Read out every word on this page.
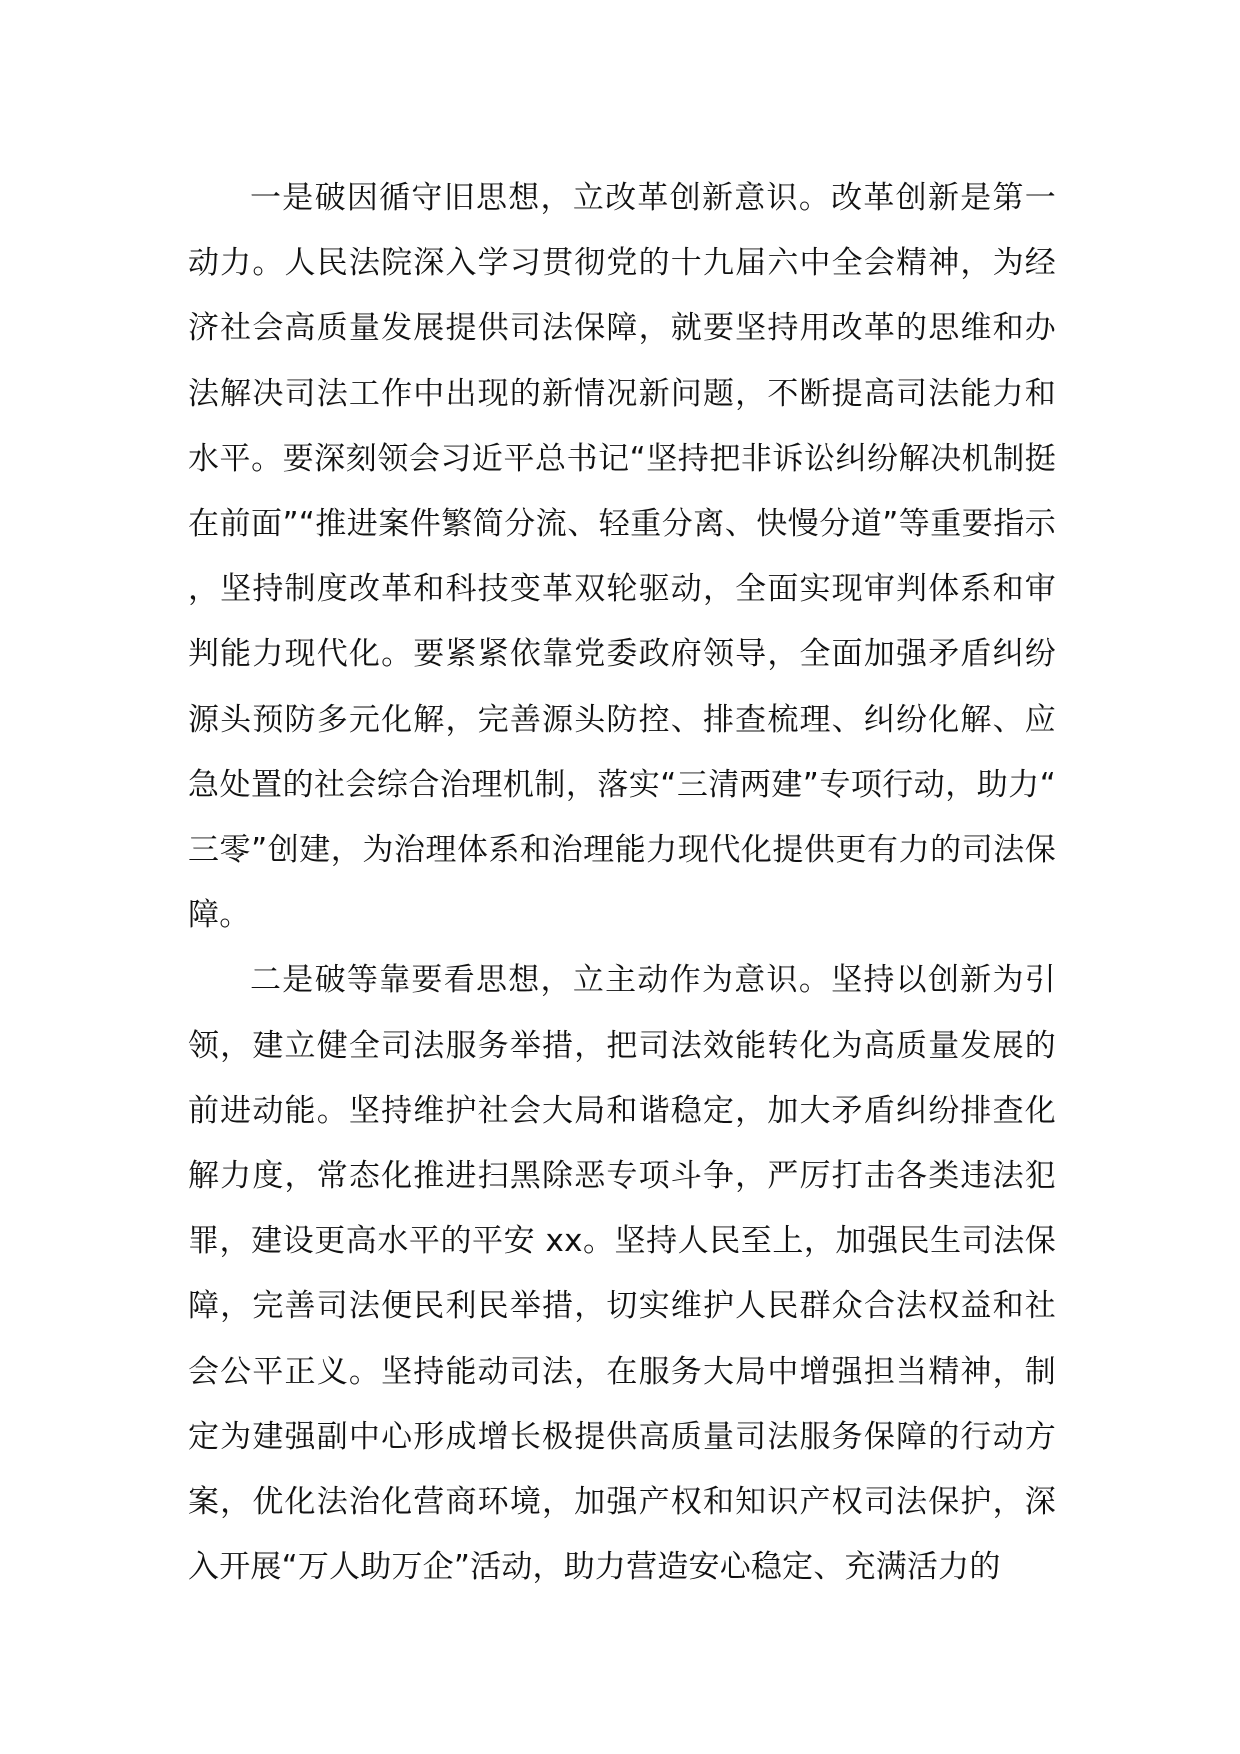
一是破因循守旧思想，立改革创新意识。改革创新是第一动力。人民法院深入学习贯彻党的十九届六中全会精神，为经济社会高质量发展提供司法保障，就要坚持用改革的思维和办法解决司法工作中出现的新情况新问题，不断提高司法能力和水平。要深刻领会习近平总书记“坚持把非诉讼纠纷解决机制挺在前面”“推进案件繁简分流、轻重分离、快慢分道”等重要指示，坚持制度改革和科技变革双轮驱动，全面实现审判体系和审判能力现代化。要紧紧依靠党委政府领导，全面加强矛盾纠纷源头预防多元化解，完善源头防控、排查梳理、纠纷化解、应急处置的社会综合治理机制，落实“三清两建”专项行动，助力“三零”创建，为治理体系和治理能力现代化提供更有力的司法保障。

二是破等靠要看思想，立主动作为意识。坚持以创新为引领，建立健全司法服务举措，把司法效能转化为高质量发展的前进动能。坚持维护社会大局和谐稳定，加大矛盾纠纷排查化解力度，常态化推进扫黑除恶专项斗争，严厉打击各类违法犯罪，建设更高水平的平安 xx。坚持人民至上，加强民生司法保障，完善司法便民利民举措，切实维护人民群众合法权益和社会公平正义。坚持能动司法，在服务大局中增强担当精神，制定为建强副中心形成增长极提供高质量司法服务保障的行动方案，优化法治化营商环境，加强产权和知识产权司法保护，深入开展“万人助万企”活动，助力营造安心稳定、充满活力的
